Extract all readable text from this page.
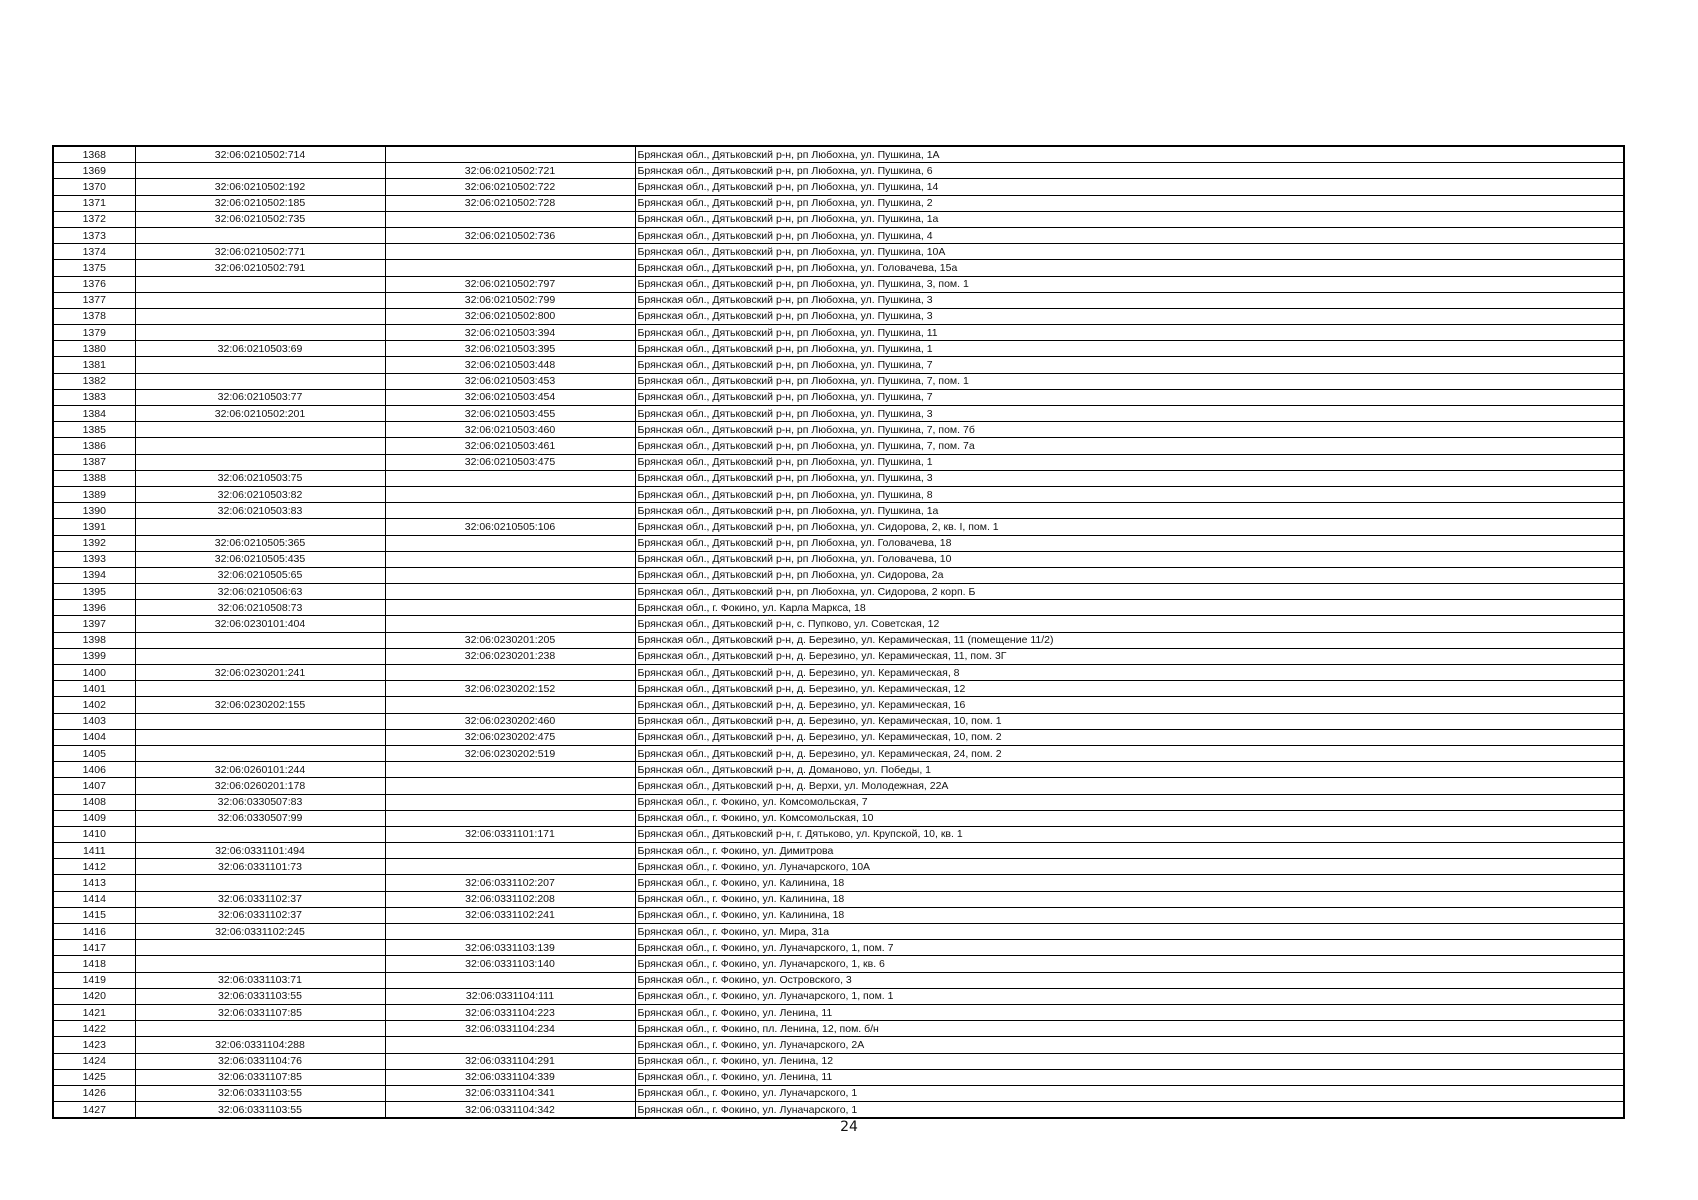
1368	32:06:0210502:714		Брянская обл., Дятьковский р-н, рп Любохна, ул. Пушкина, 1А
1369		32:06:0210502:721	Брянская обл., Дятьковский р-н, рп Любохна, ул. Пушкина, 6
1370	32:06:0210502:192	32:06:0210502:722	Брянская обл., Дятьковский р-н, рп Любохна, ул. Пушкина, 14
1371	32:06:0210502:185	32:06:0210502:728	Брянская обл., Дятьковский р-н, рп Любохна, ул. Пушкина, 2
1372	32:06:0210502:735		Брянская обл., Дятьковский р-н, рп Любохна, ул. Пушкина, 1а
1373		32:06:0210502:736	Брянская обл., Дятьковский р-н, рп Любохна, ул. Пушкина, 4
1374	32:06:0210502:771		Брянская обл., Дятьковский р-н, рп Любохна, ул. Пушкина, 10А
1375	32:06:0210502:791		Брянская обл., Дятьковский р-н, рп Любохна, ул. Головачева, 15а
1376		32:06:0210502:797	Брянская обл., Дятьковский р-н, рп Любохна, ул. Пушкина, 3, пом. 1
1377		32:06:0210502:799	Брянская обл., Дятьковский р-н, рп Любохна, ул. Пушкина, 3
1378		32:06:0210502:800	Брянская обл., Дятьковский р-н, рп Любохна, ул. Пушкина, 3
1379		32:06:0210503:394	Брянская обл., Дятьковский р-н, рп Любохна, ул. Пушкина, 11
1380	32:06:0210503:69	32:06:0210503:395	Брянская обл., Дятьковский р-н, рп Любохна, ул. Пушкина, 1
1381		32:06:0210503:448	Брянская обл., Дятьковский р-н, рп Любохна, ул. Пушкина, 7
1382		32:06:0210503:453	Брянская обл., Дятьковский р-н, рп Любохна, ул. Пушкина, 7, пом. 1
1383	32:06:0210503:77	32:06:0210503:454	Брянская обл., Дятьковский р-н, рп Любохна, ул. Пушкина, 7
1384	32:06:0210502:201	32:06:0210503:455	Брянская обл., Дятьковский р-н, рп Любохна, ул. Пушкина, 3
1385		32:06:0210503:460	Брянская обл., Дятьковский р-н, рп Любохна, ул. Пушкина, 7, пом. 7б
1386		32:06:0210503:461	Брянская обл., Дятьковский р-н, рп Любохна, ул. Пушкина, 7, пом. 7а
1387		32:06:0210503:475	Брянская обл., Дятьковский р-н, рп Любохна, ул. Пушкина, 1
1388	32:06:0210503:75		Брянская обл., Дятьковский р-н, рп Любохна, ул. Пушкина, 3
1389	32:06:0210503:82		Брянская обл., Дятьковский р-н, рп Любохна, ул. Пушкина, 8
1390	32:06:0210503:83		Брянская обл., Дятьковский р-н, рп Любохна, ул. Пушкина, 1а
1391		32:06:0210505:106	Брянская обл., Дятьковский р-н, рп Любохна, ул. Сидорова, 2, кв. I, пом. 1
1392	32:06:0210505:365		Брянская обл., Дятьковский р-н, рп Любохна, ул. Головачева, 18
1393	32:06:0210505:435		Брянская обл., Дятьковский р-н, рп Любохна, ул. Головачева, 10
1394	32:06:0210505:65		Брянская обл., Дятьковский р-н, рп Любохна, ул. Сидорова, 2а
1395	32:06:0210506:63		Брянская обл., Дятьковский р-н, рп Любохна, ул. Сидорова, 2 корп. Б
1396	32:06:0210508:73		Брянская обл., г. Фокино, ул. Карла Маркса, 18
1397	32:06:0230101:404		Брянская обл., Дятьковский р-н, с. Пупково, ул. Советская, 12
1398		32:06:0230201:205	Брянская обл., Дятьковский р-н, д. Березино, ул. Керамическая, 11 (помещение 11/2)
1399		32:06:0230201:238	Брянская обл., Дятьковский р-н, д. Березино, ул. Керамическая, 11, пом. 3Г
1400	32:06:0230201:241		Брянская обл., Дятьковский р-н, д. Березино, ул. Керамическая, 8
1401		32:06:0230202:152	Брянская обл., Дятьковский р-н, д. Березино, ул. Керамическая, 12
1402	32:06:0230202:155		Брянская обл., Дятьковский р-н, д. Березино, ул. Керамическая, 16
1403		32:06:0230202:460	Брянская обл., Дятьковский р-н, д. Березино, ул. Керамическая, 10, пом. 1
1404		32:06:0230202:475	Брянская обл., Дятьковский р-н, д. Березино, ул. Керамическая, 10, пом. 2
1405		32:06:0230202:519	Брянская обл., Дятьковский р-н, д. Березино, ул. Керамическая, 24, пом. 2
1406	32:06:0260101:244		Брянская обл., Дятьковский р-н, д. Доманово, ул. Победы, 1
1407	32:06:0260201:178		Брянская обл., Дятьковский р-н, д. Верхи, ул. Молодежная, 22А
1408	32:06:0330507:83		Брянская обл., г. Фокино, ул. Комсомольская, 7
1409	32:06:0330507:99		Брянская обл., г. Фокино, ул. Комсомольская, 10
1410		32:06:0331101:171	Брянская обл., Дятьковский р-н, г. Дятьково, ул. Крупской, 10, кв. 1
1411	32:06:0331101:494		Брянская обл., г. Фокино, ул. Димитрова
1412	32:06:0331101:73		Брянская обл., г. Фокино, ул. Луначарского, 10А
1413		32:06:0331102:207	Брянская обл., г. Фокино, ул. Калинина, 18
1414	32:06:0331102:37	32:06:0331102:208	Брянская обл., г. Фокино, ул. Калинина, 18
1415	32:06:0331102:37	32:06:0331102:241	Брянская обл., г. Фокино, ул. Калинина, 18
1416	32:06:0331102:245		Брянская обл., г. Фокино, ул. Мира, 31а
1417		32:06:0331103:139	Брянская обл., г. Фокино, ул. Луначарского, 1, пом. 7
1418		32:06:0331103:140	Брянская обл., г. Фокино, ул. Луначарского, 1, кв. 6
1419	32:06:0331103:71		Брянская обл., г. Фокино, ул. Островского, 3
1420	32:06:0331103:55	32:06:0331104:111	Брянская обл., г. Фокино, ул. Луначарского, 1, пом. 1
1421	32:06:0331107:85	32:06:0331104:223	Брянская обл., г. Фокино, ул. Ленина, 11
1422		32:06:0331104:234	Брянская обл., г. Фокино, пл. Ленина, 12, пом. б/н
1423	32:06:0331104:288		Брянская обл., г. Фокино, ул. Луначарского, 2А
1424	32:06:0331104:76	32:06:0331104:291	Брянская обл., г. Фокино, ул. Ленина, 12
1425	32:06:0331107:85	32:06:0331104:339	Брянская обл., г. Фокино, ул. Ленина, 11
1426	32:06:0331103:55	32:06:0331104:341	Брянская обл., г. Фокино, ул. Луначарского, 1
1427	32:06:0331103:55	32:06:0331104:342	Брянская обл., г. Фокино, ул. Луначарского, 1
24
